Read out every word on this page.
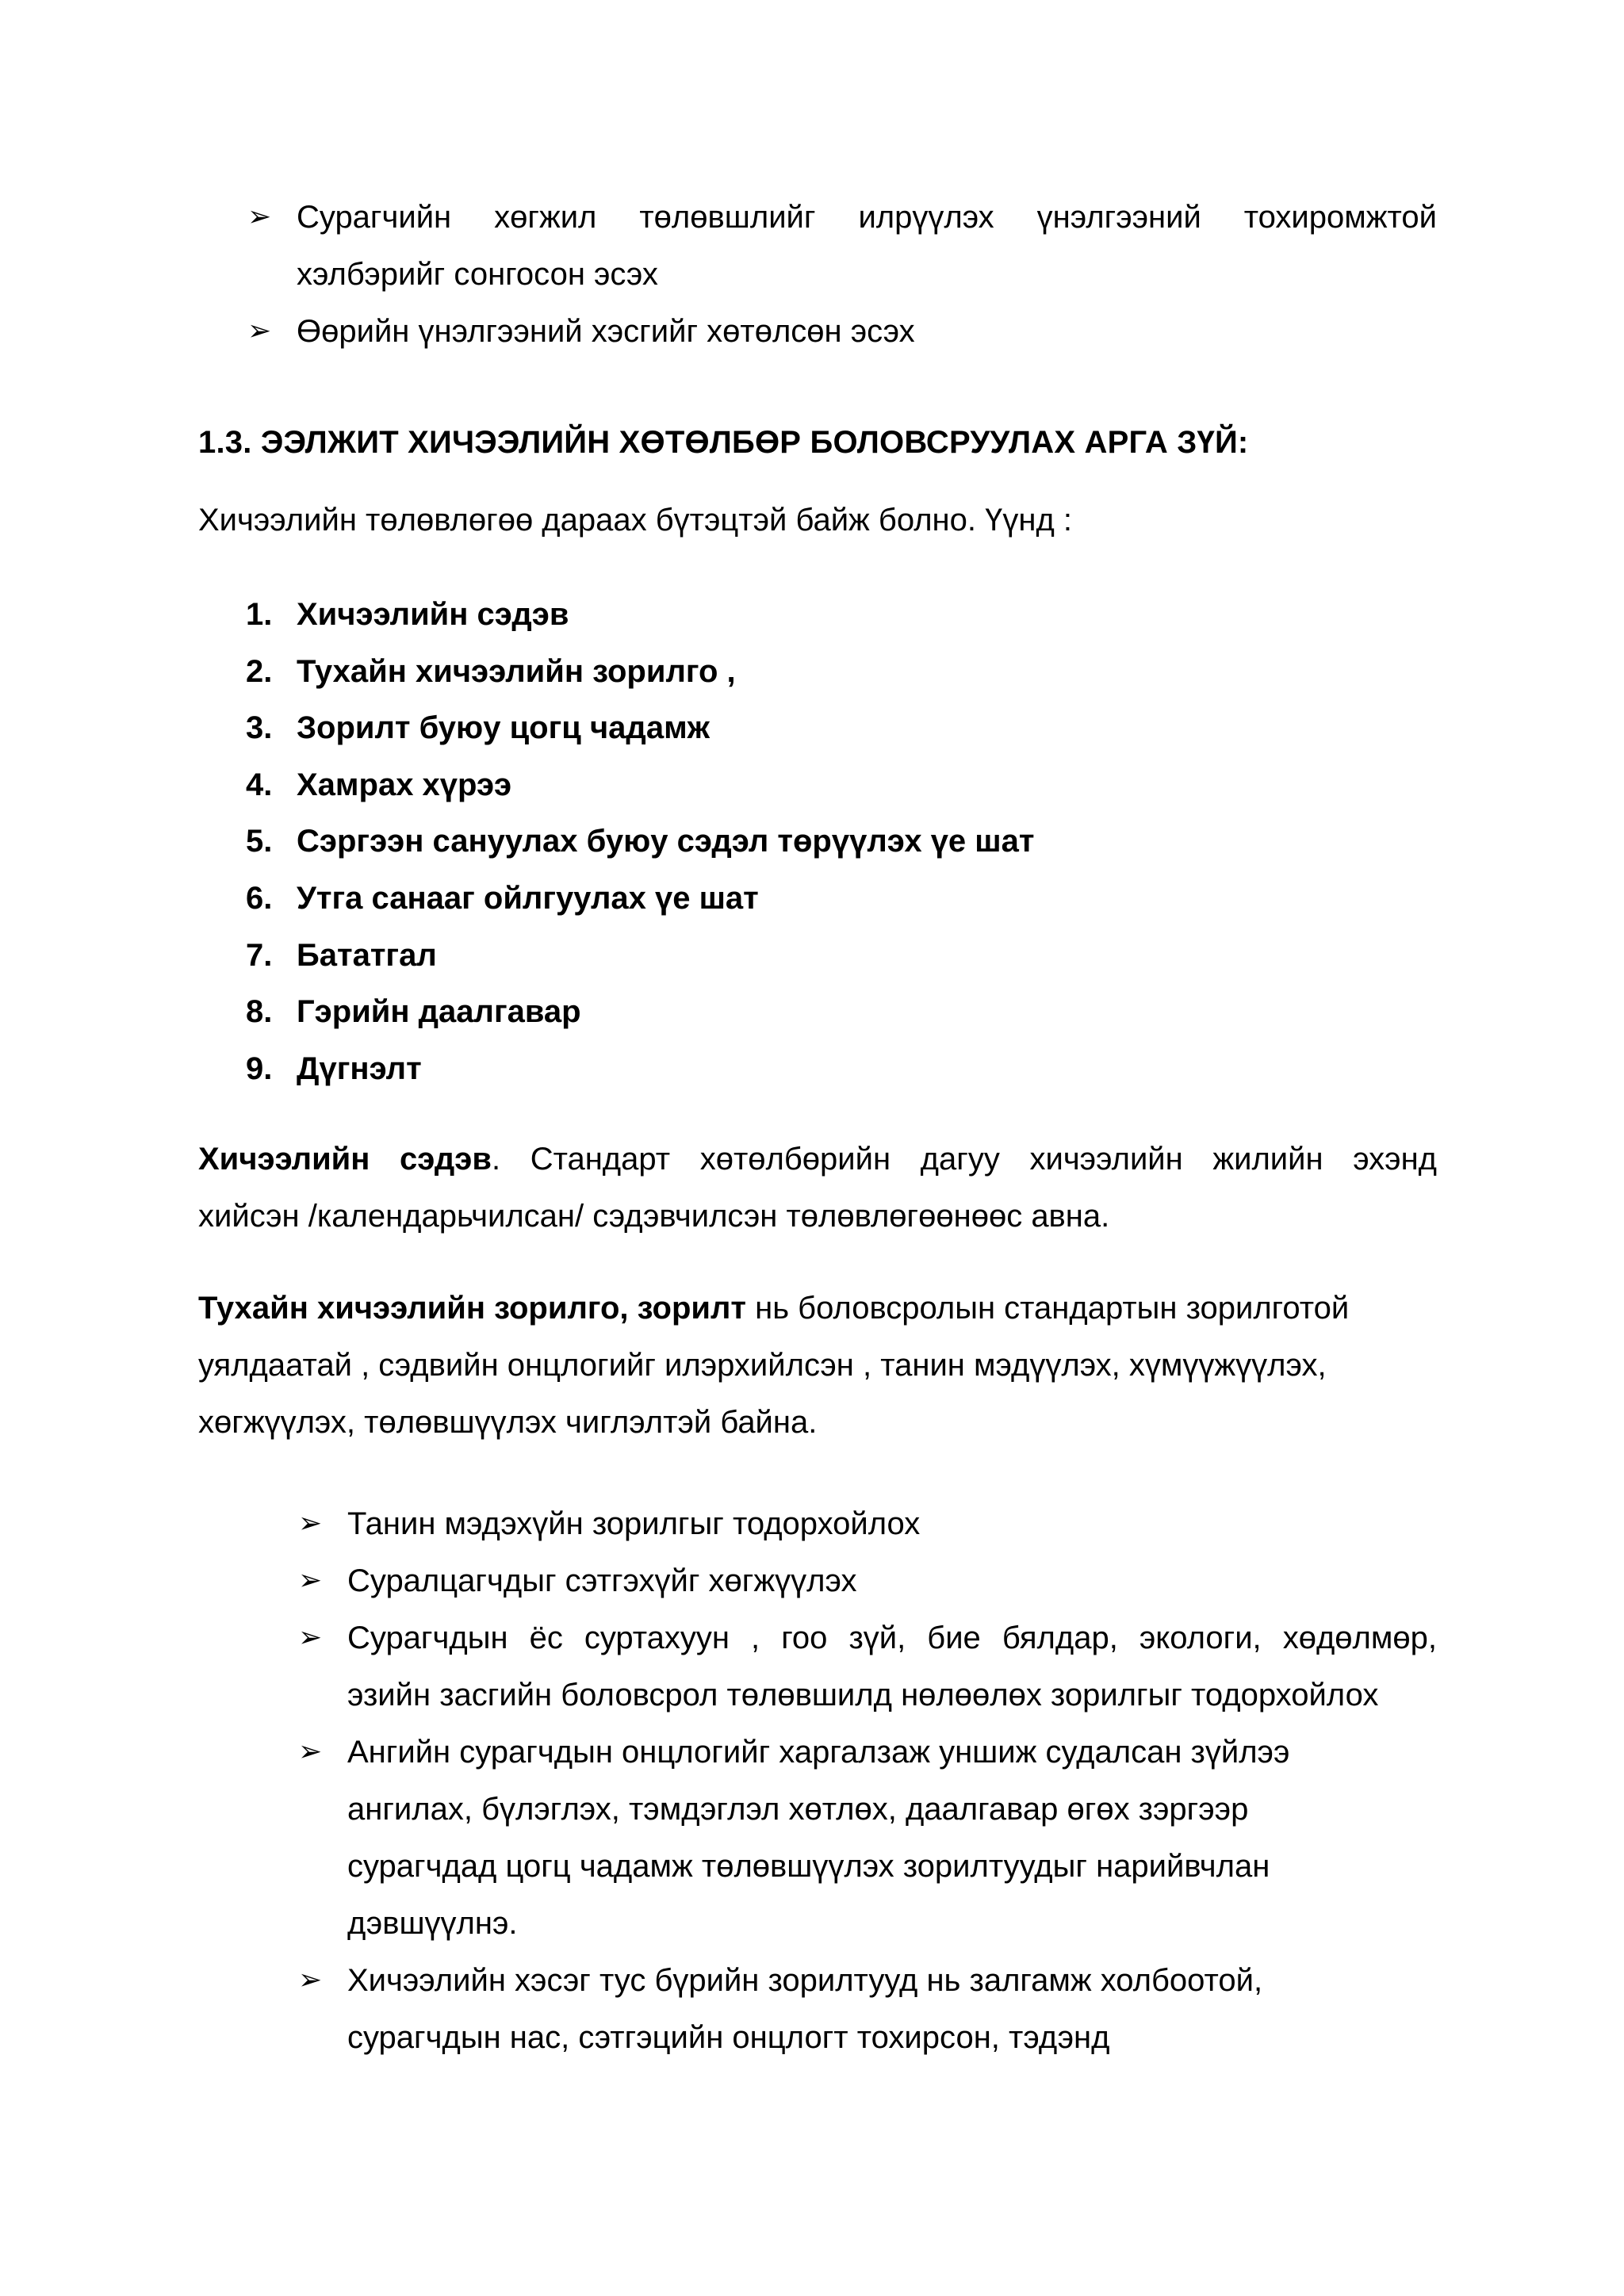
➢ Сурагчийн хөгжил төлөвшлийг илрүүлэх үнэлгээний тохиромжтой
хэлбэрийг сонгосон эсэх
➢ Өөрийн үнэлгээний хэсгийг хөтөлсөн эсэх
1.3. ЭЭЛЖИТ ХИЧЭЭЛИЙН ХӨТӨЛБӨР БОЛОВСРУУЛАХ АРГА ЗҮЙ:
Хичээлийн төлөвлөгөө дараах бүтэцтэй байж болно. Үүнд :
1. Хичээлийн сэдэв
2. Тухайн хичээлийн зорилго ,
3. Зорилт буюу цогц чадамж
4. Хамрах хүрээ
5. Сэргээн сануулах буюу сэдэл төрүүлэх үе шат
6. Утга санааг ойлгуулах үе шат
7. Бататгал
8. Гэрийн даалгавар
9. Дүгнэлт
Хичээлийн сэдэв. Стандарт хөтөлбөрийн дагуу хичээлийн жилийн эхэнд
хийсэн /календарьчилсан/ сэдэвчилсэн төлөвлөгөөнөөс авна.
Тухайн хичээлийн зорилго, зорилт нь боловсролын стандартын зорилготой
уялдаатай , сэдвийн онцлогийг илэрхийлсэн , танин мэдүүлэх, хүмүүжүүлэх,
хөгжүүлэх, төлөвшүүлэх чиглэлтэй байна.
➢ Танин мэдэхүйн зорилгыг тодорхойлох
➢ Суралцагчдыг сэтгэхүйг хөгжүүлэх
➢ Сурагчдын ёс суртахуун , гоо зүй, бие бялдар, экологи, хөдөлмөр,
эзийн засгийн боловсрол төлөвшилд нөлөөлөх зорилгыг тодорхойлох
➢ Ангийн сурагчдын онцлогийг харгалзаж уншиж судалсан зүйлээ
ангилах, бүлэглэх, тэмдэглэл хөтлөх, даалгавар өгөх зэргээр
сурагчдад цогц чадамж төлөвшүүлэх зорилтуудыг нарийвчлан
дэвшүүлнэ.
➢ Хичээлийн хэсэг тус бүрийн зорилтууд нь залгамж холбоотой,
сурагчдын нас, сэтгэцийн онцлогт тохирсон, тэдэнд
